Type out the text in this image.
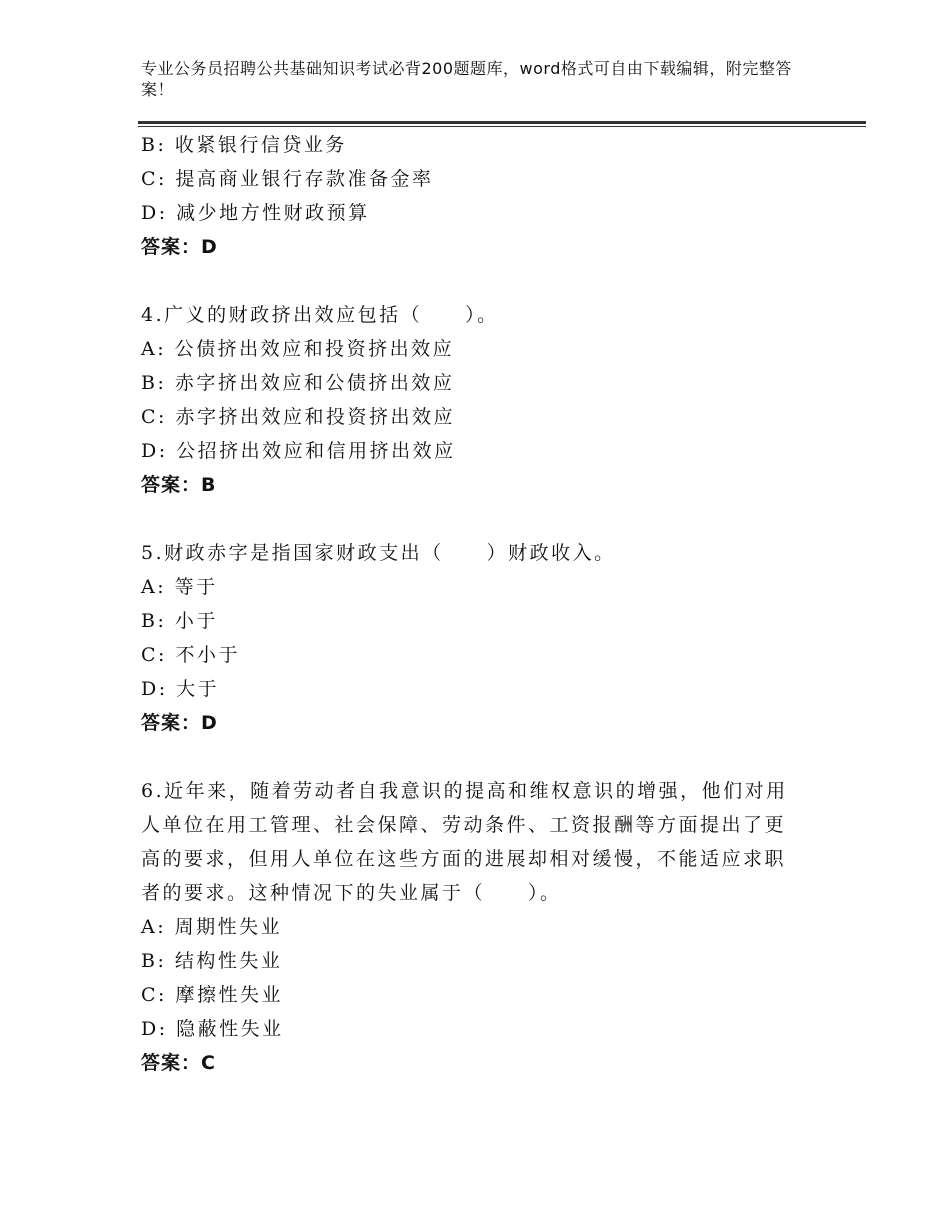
专业公务员招聘公共基础知识考试必背200题题库，word格式可自由下载编辑，附完整答案！
B: 收紧银行信贷业务
C: 提高商业银行存款准备金率
D: 减少地方性财政预算
答案：D
4.广义的财政挤出效应包括（　　）。
A: 公债挤出效应和投资挤出效应
B: 赤字挤出效应和公债挤出效应
C: 赤字挤出效应和投资挤出效应
D: 公招挤出效应和信用挤出效应
答案：B
5.财政赤字是指国家财政支出（　　）财政收入。
A: 等于
B: 小于
C: 不小于
D: 大于
答案：D
6.近年来，随着劳动者自我意识的提高和维权意识的增强，他们对用人单位在用工管理、社会保障、劳动条件、工资报酬等方面提出了更高的要求，但用人单位在这些方面的进展却相对缓慢，不能适应求职者的要求。这种情况下的失业属于（　　）。
A: 周期性失业
B: 结构性失业
C: 摩擦性失业
D: 隐蔽性失业
答案：C
